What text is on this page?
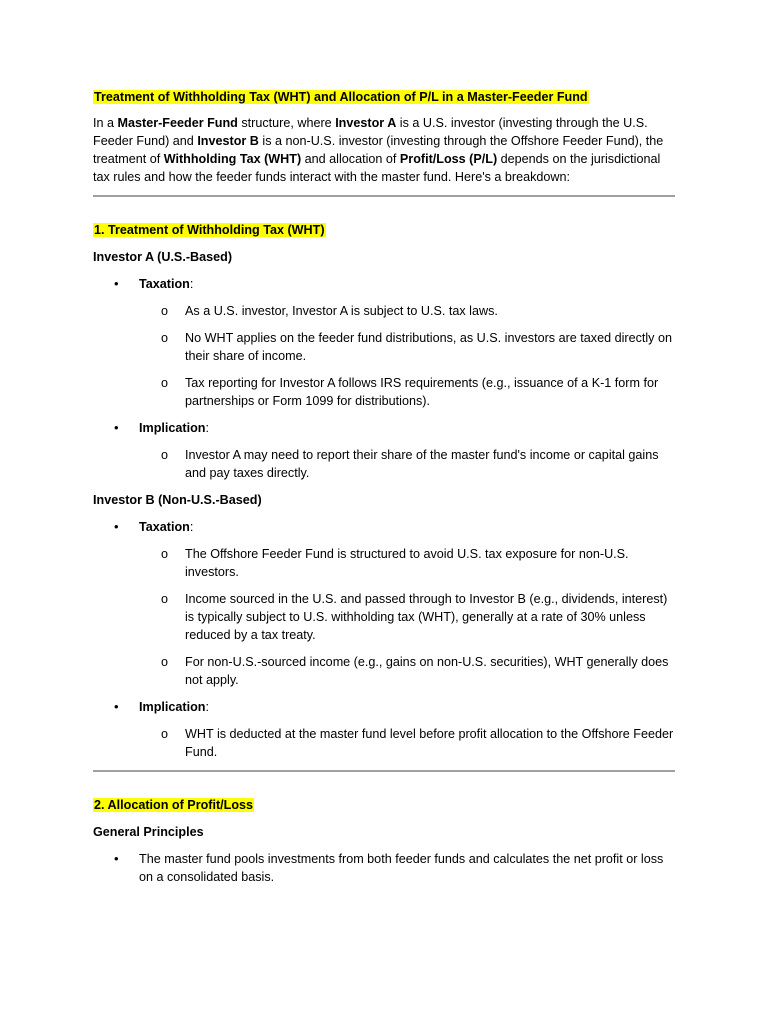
Treatment of Withholding Tax (WHT) and Allocation of P/L in a Master-Feeder Fund

In a Master-Feeder Fund structure, where Investor A is a U.S. investor (investing through the U.S. Feeder Fund) and Investor B is a non-U.S. investor (investing through the Offshore Feeder Fund), the treatment of Withholding Tax (WHT) and allocation of Profit/Loss (P/L) depends on the jurisdictional tax rules and how the feeder funds interact with the master fund. Here's a breakdown:

1. Treatment of Withholding Tax (WHT)

Investor A (U.S.-Based)

• Taxation:

o As a U.S. investor, Investor A is subject to U.S. tax laws.

o No WHT applies on the feeder fund distributions, as U.S. investors are taxed directly on their share of income.

o Tax reporting for Investor A follows IRS requirements (e.g., issuance of a K-1 form for partnerships or Form 1099 for distributions).

• Implication:

o Investor A may need to report their share of the master fund's income or capital gains and pay taxes directly.

Investor B (Non-U.S.-Based)

• Taxation:

o The Offshore Feeder Fund is structured to avoid U.S. tax exposure for non-U.S. investors.

o Income sourced in the U.S. and passed through to Investor B (e.g., dividends, interest) is typically subject to U.S. withholding tax (WHT), generally at a rate of 30% unless reduced by a tax treaty.

o For non-U.S.-sourced income (e.g., gains on non-U.S. securities), WHT generally does not apply.

• Implication:

o WHT is deducted at the master fund level before profit allocation to the Offshore Feeder Fund.

2. Allocation of Profit/Loss

General Principles

• The master fund pools investments from both feeder funds and calculates the net profit or loss on a consolidated basis.
